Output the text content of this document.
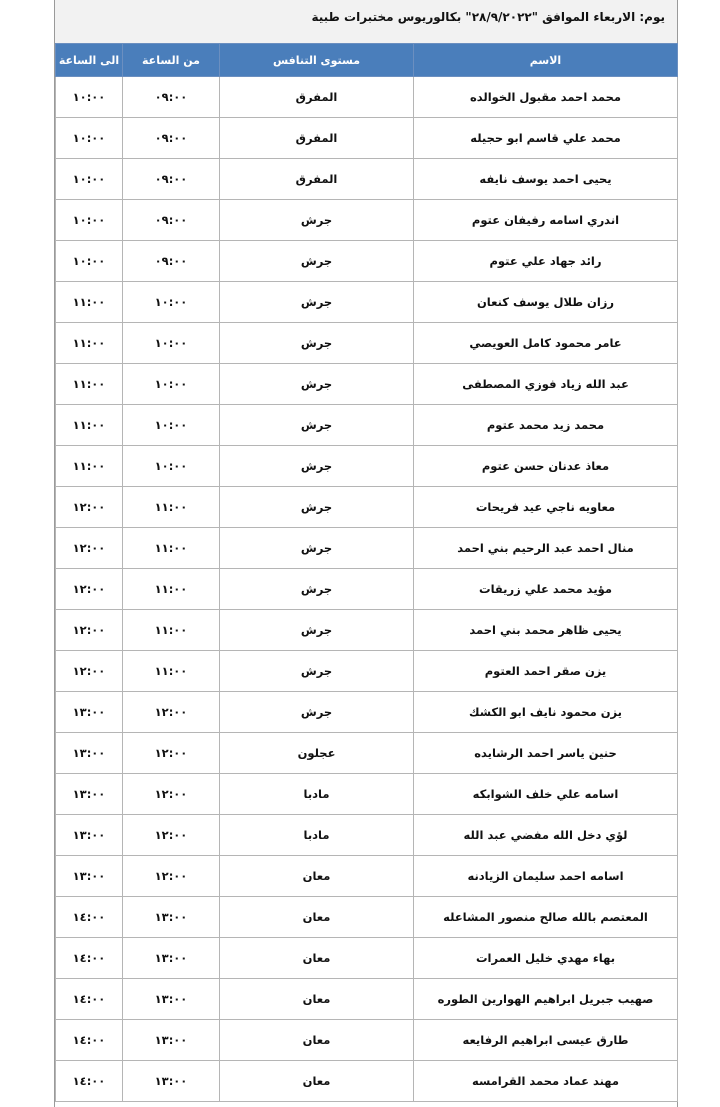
يوم: الاربعاء الموافق "٢٨/٩/٢٠٢٢" بكالوريوس مختبرات طبية
الاسم	مستوى التنافس	من الساعة	الى الساعة
محمد احمد مقبول الخوالده	المفرق	٠٩:٠٠	١٠:٠٠
محمد علي قاسم ابو حجيله	المفرق	٠٩:٠٠	١٠:٠٠
يحيى احمد يوسف نايفه	المفرق	٠٩:٠٠	١٠:٠٠
اندري اسامه رفيفان عتوم	جرش	٠٩:٠٠	١٠:٠٠
رائد جهاد علي عتوم	جرش	٠٩:٠٠	١٠:٠٠
رزان طلال يوسف كنعان	جرش	١٠:٠٠	١١:٠٠
عامر محمود كامل العويصي	جرش	١٠:٠٠	١١:٠٠
عبد الله زياد فوزي المصطفى	جرش	١٠:٠٠	١١:٠٠
محمد زيد محمد عتوم	جرش	١٠:٠٠	١١:٠٠
معاذ عدنان حسن عتوم	جرش	١٠:٠٠	١١:٠٠
معاويه ناجي عيد فريحات	جرش	١١:٠٠	١٢:٠٠
منال احمد عبد الرحيم بني احمد	جرش	١١:٠٠	١٢:٠٠
مؤيد محمد علي زريقات	جرش	١١:٠٠	١٢:٠٠
يحيى ظاهر محمد بني احمد	جرش	١١:٠٠	١٢:٠٠
يزن صقر احمد العتوم	جرش	١١:٠٠	١٢:٠٠
يزن محمود نايف ابو الكشك	جرش	١٢:٠٠	١٣:٠٠
حنين ياسر احمد الرشايده	عجلون	١٢:٠٠	١٣:٠٠
اسامه علي خلف الشوابكه	مادبا	١٢:٠٠	١٣:٠٠
لؤي دخل الله مفضي عبد الله	مادبا	١٢:٠٠	١٣:٠٠
اسامه احمد سليمان الزيادنه	معان	١٢:٠٠	١٣:٠٠
المعتصم بالله صالح منصور المشاعله	معان	١٣:٠٠	١٤:٠٠
بهاء مهدي خليل العمرات	معان	١٣:٠٠	١٤:٠٠
صهيب جبريل ابراهيم الهوارين الطوره	معان	١٣:٠٠	١٤:٠٠
طارق عيسى ابراهيم الرفايعه	معان	١٣:٠٠	١٤:٠٠
مهند عماد محمد القرامسه	معان	١٣:٠٠	١٤:٠٠
